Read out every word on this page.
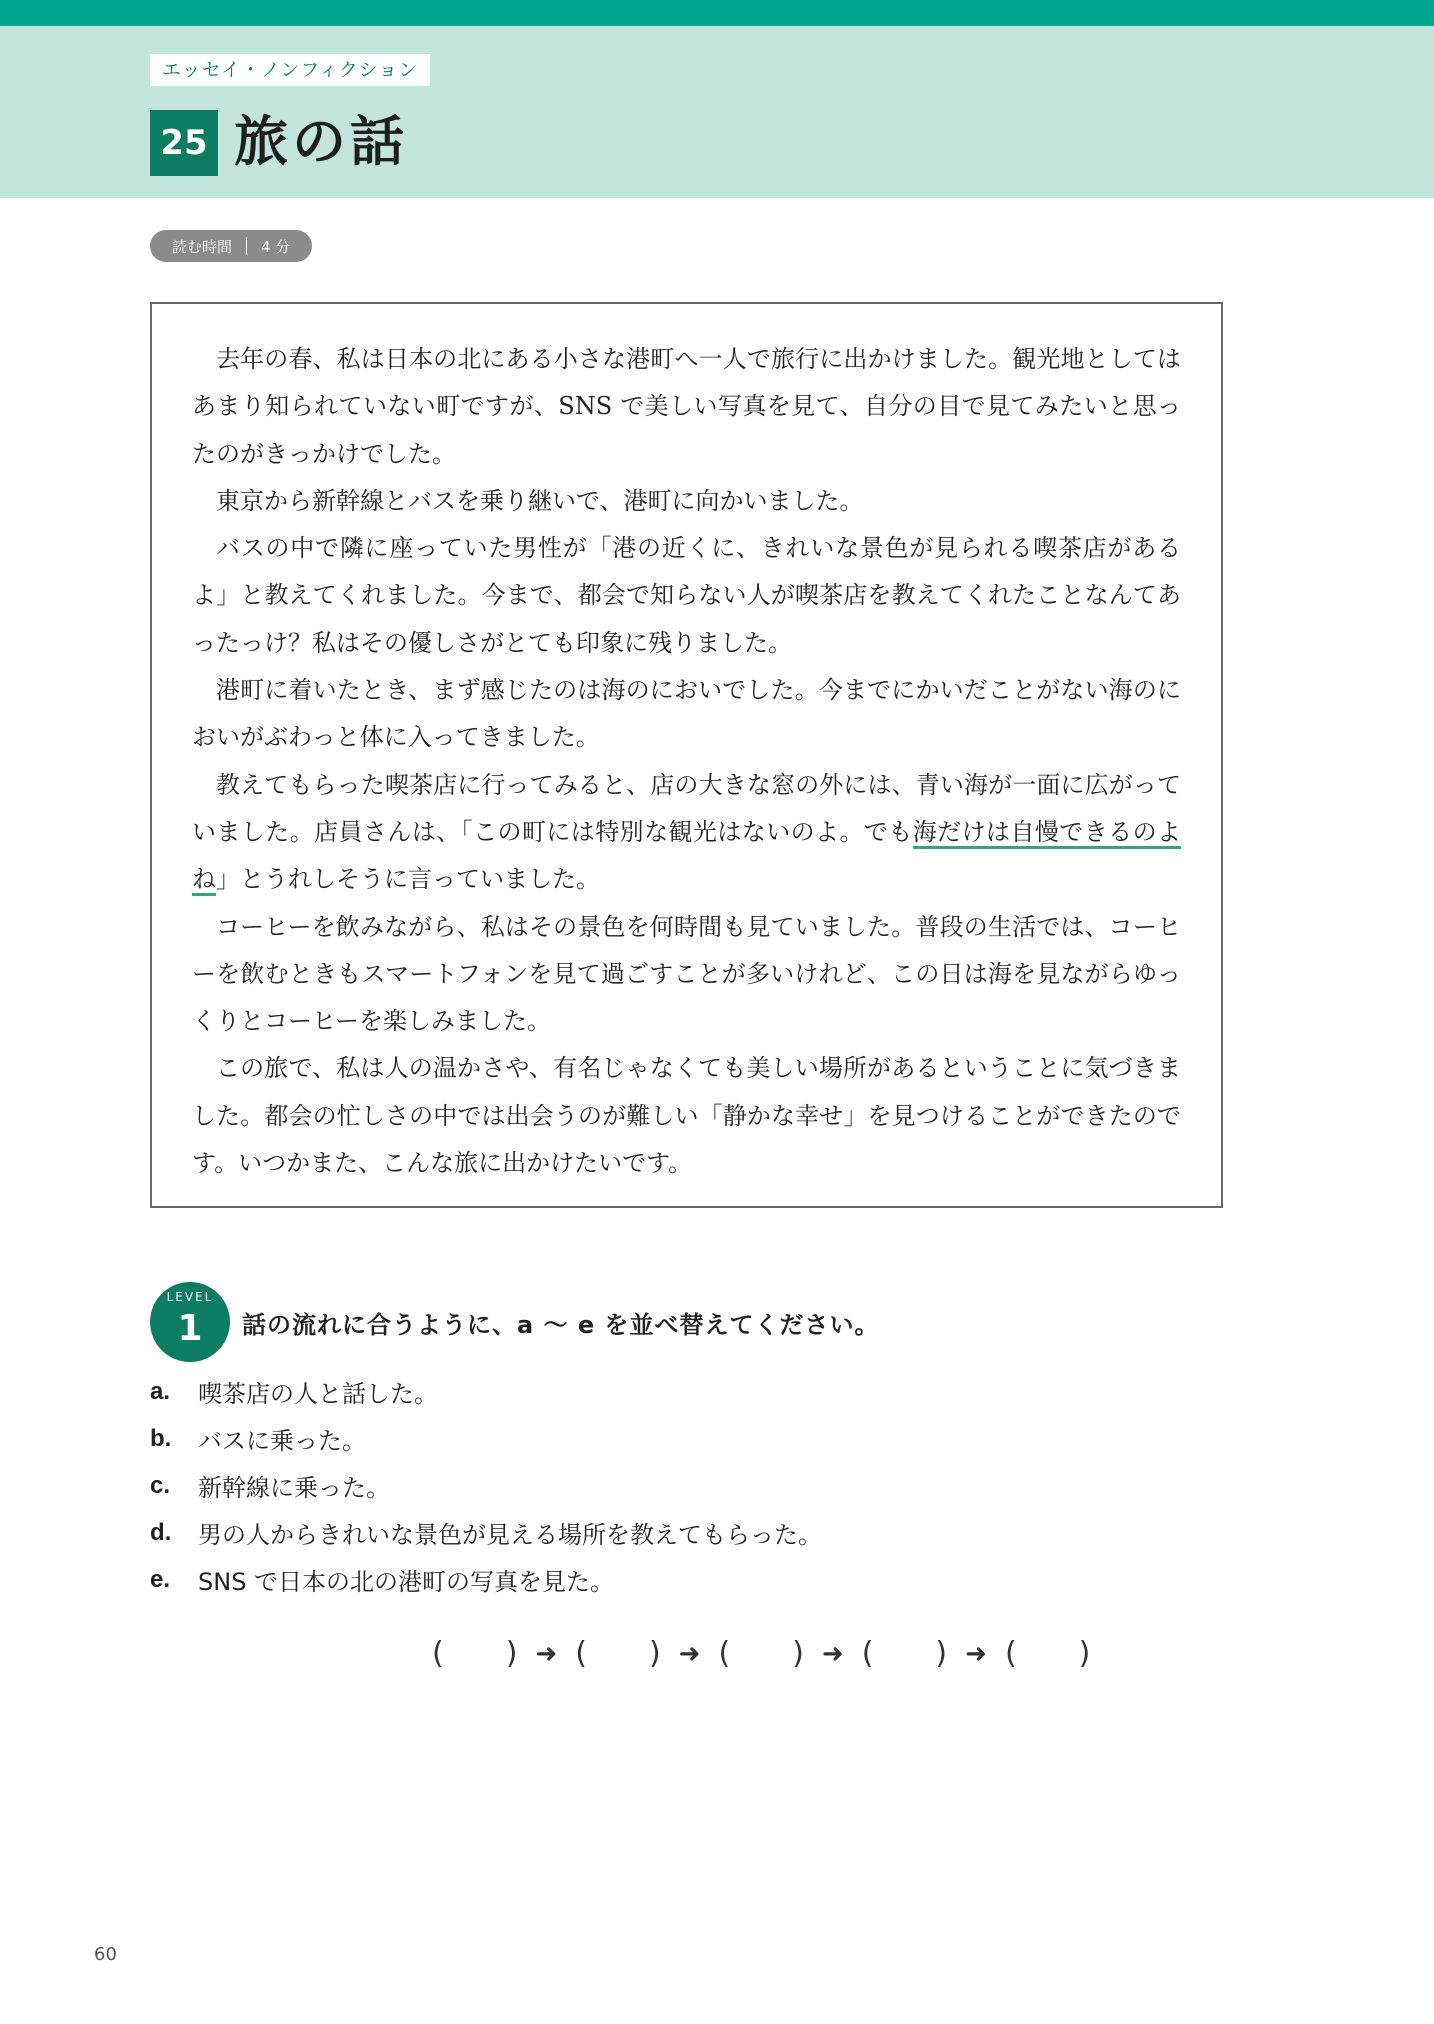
エッセイ・ノンフィクション
25 旅の話
読む時間 4 分

去年の春、私は日本の北にある小さな港町へ一人で旅行に出かけました。観光地としてはあまり知られていない町ですが、SNS で美しい写真を見て、自分の目で見てみたいと思ったのがきっかけでした。

東京から新幹線とバスを乗り継いで、港町に向かいました。

バスの中で隣に座っていた男性が「港の近くに、きれいな景色が見られる喫茶店があるよ」と教えてくれました。今まで、都会で知らない人が喫茶店を教えてくれたことなんてあったっけ？私はその優しさがとても印象に残りました。

港町に着いたとき、まず感じたのは海のにおいでした。今までにかいだことがない海のにおいがぶわっと体に入ってきました。

教えてもらった喫茶店に行ってみると、店の大きな窓の外には、青い海が一面に広がっていました。店員さんは、「この町には特別な観光はないのよ。でも海だけは自慢できるのよね」とうれしそうに言っていました。

コーヒーを飲みながら、私はその景色を何時間も見ていました。普段の生活では、コーヒーを飲むときもスマートフォンを見て過ごすことが多いけれど、この日は海を見ながらゆっくりとコーヒーを楽しみました。

この旅で、私は人の温かさや、有名じゃなくても美しい場所があるということに気づきました。都会の忙しさの中では出会うのが難しい「静かな幸せ」を見つけることができたのです。いつかまた、こんな旅に出かけたいです。

LEVEL
1	話の流れに合うように、a ～ e を並べ替えてください。
a.	喫茶店の人と話した。
b.	バスに乗った。
c.	新幹線に乗った。
d.	男の人からきれいな景色が見える場所を教えてもらった。
e.	SNS で日本の北の港町の写真を見た。
( ) ➜ ( ) ➜ ( ) ➜ ( ) ➜ ( )
60
